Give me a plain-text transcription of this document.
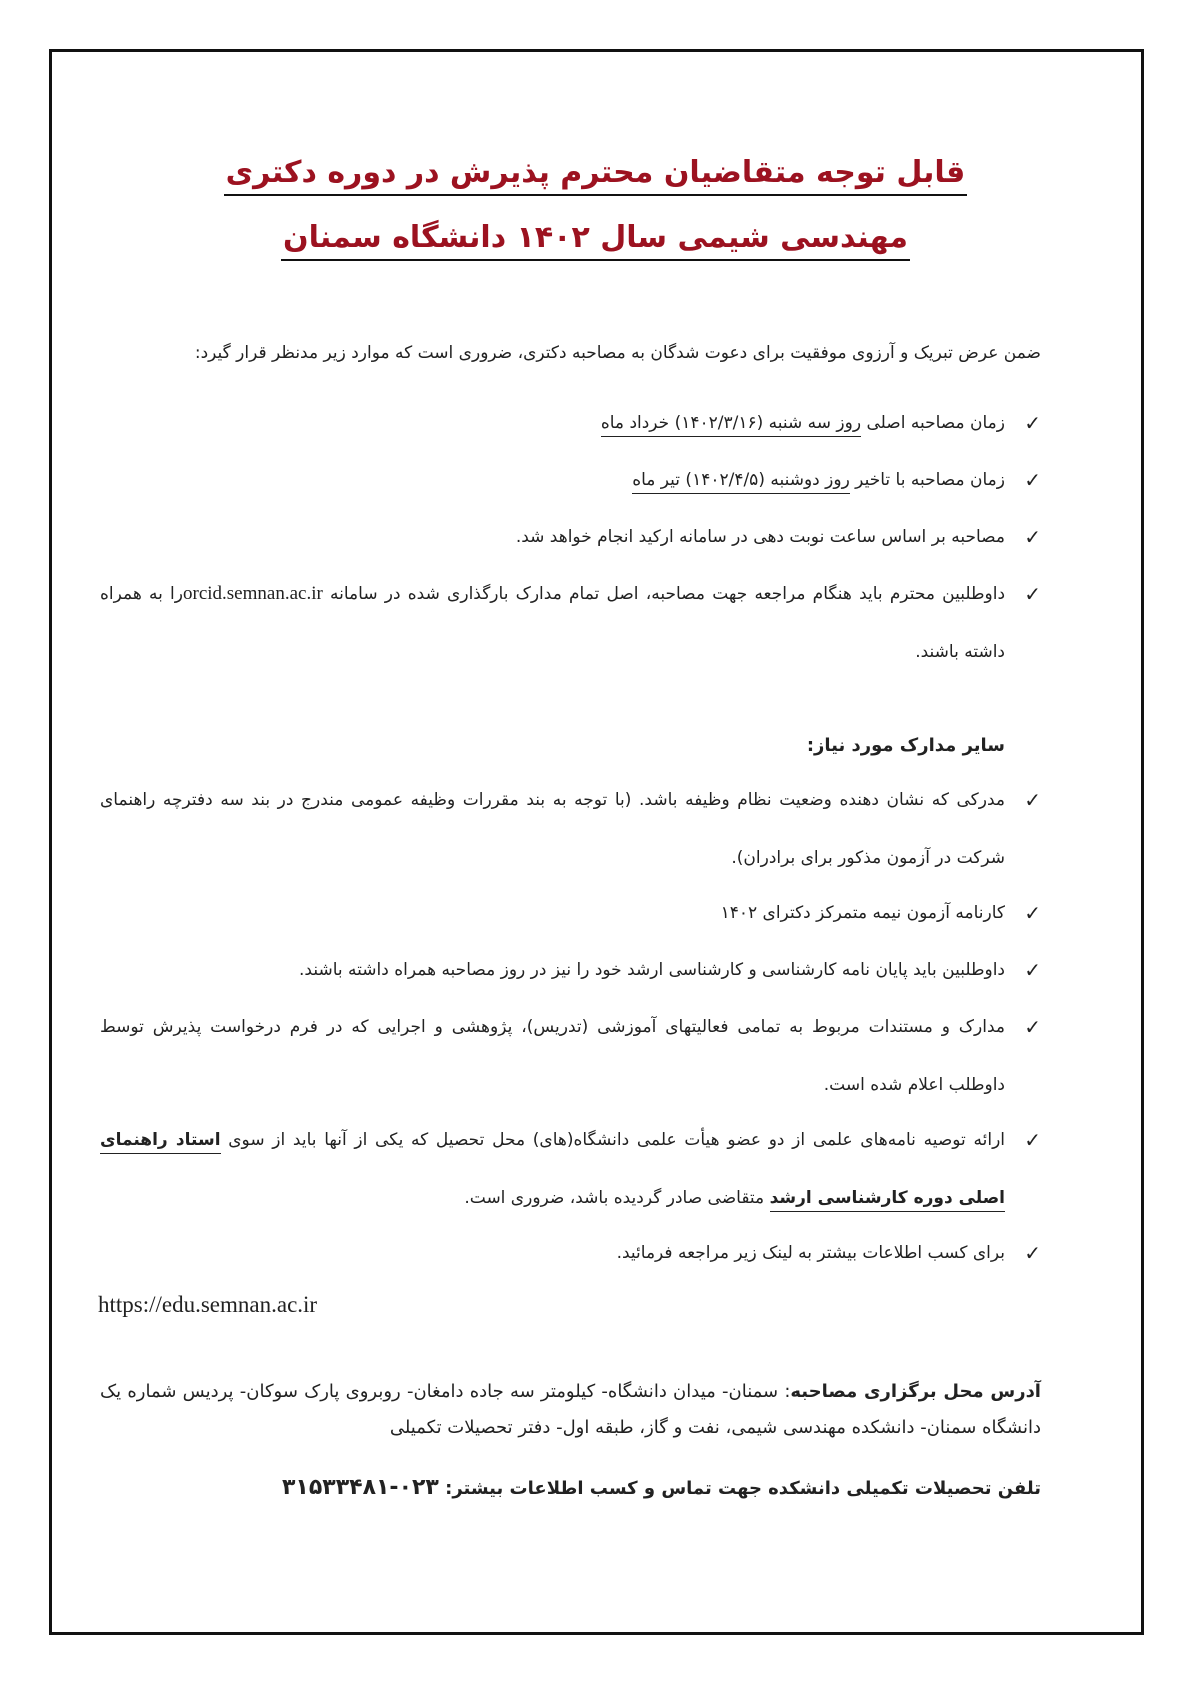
قابل توجه متقاضیان محترم پذیرش در دوره دکتری
مهندسی شیمی سال ۱۴۰۲ دانشگاه سمنان
ضمن عرض تبریک و آرزوی موفقیت برای دعوت شدگان به مصاحبه دکتری، ضروری است که موارد زیر مدنظر قرار گیرد:
✓
زمان مصاحبه اصلی روز سه شنبه (۱۴۰۲/۳/۱۶) خرداد ماه
✓
زمان مصاحبه با تاخیر روز دوشنبه (۱۴۰۲/۴/۵) تیر ماه
✓
مصاحبه بر اساس ساعت نوبت دهی در سامانه ارکید انجام خواهد شد.
✓
داوطلبین محترم باید هنگام مراجعه جهت مصاحبه، اصل تمام مدارک بارگذاری شده در سامانه orcid.semnan.ac.irرا به همراه داشته باشند.
سایر مدارک مورد نیاز:
✓
مدرکی که نشان دهنده وضعیت نظام وظیفه باشد. (با توجه به بند مقررات وظیفه عمومی مندرج در بند سه دفترچه راهنمای شرکت در آزمون مذکور برای برادران).
✓
کارنامه آزمون نیمه متمرکز دکترای ۱۴۰۲
✓
داوطلبین باید پایان نامه کارشناسی و کارشناسی ارشد خود را نیز در روز مصاحبه همراه داشته باشند.
✓
مدارک و مستندات مربوط به تمامی فعالیتهای آموزشی (تدریس)، پژوهشی و اجرایی که در فرم درخواست پذیرش توسط داوطلب اعلام شده است.
✓
ارائه توصیه نامه‌های علمی از دو عضو هیأت علمی دانشگاه(های) محل تحصیل که یکی از آنها باید از سوی استاد راهنمای اصلی دوره کارشناسی ارشد متقاضی صادر گردیده باشد، ضروری است.
✓
برای کسب اطلاعات بیشتر به لینک زیر مراجعه فرمائید.
https://edu.semnan.ac.ir
آدرس محل برگزاری مصاحبه: سمنان- میدان دانشگاه- کیلومتر سه جاده دامغان- روبروی پارک سوکان- پردیس شماره یک دانشگاه سمنان- دانشکده مهندسی شیمی، نفت و گاز، طبقه اول- دفتر تحصیلات تکمیلی
تلفن تحصیلات تکمیلی دانشکده جهت تماس و کسب اطلاعات بیشتر: ۰۲۳-۳۱۵۳۳۴۸۱
